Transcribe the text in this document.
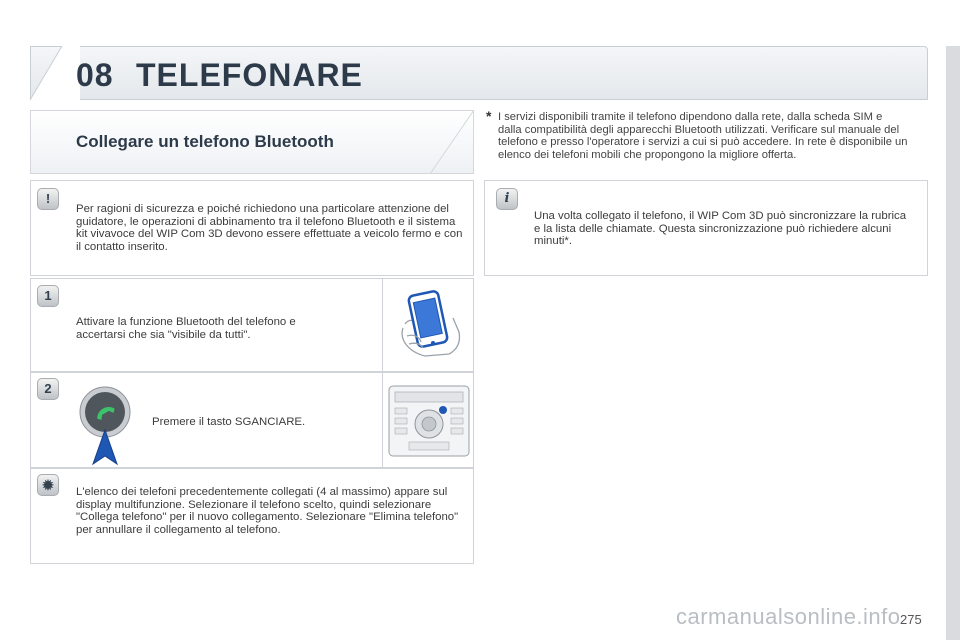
08 TELEFONARE
Collegare un telefono Bluetooth
* I servizi disponibili tramite il telefono dipendono dalla rete, dalla scheda SIM e dalla compatibilità degli apparecchi Bluetooth utilizzati. Verificare sul manuale del telefono e presso l'operatore i servizi a cui si può accedere. In rete è disponibile un elenco dei telefoni mobili che propongono la migliore offerta.
!
Per ragioni di sicurezza e poiché richiedono una particolare attenzione del guidatore, le operazioni di abbinamento tra il telefono Bluetooth e il sistema kit vivavoce del WIP Com 3D devono essere effettuate a veicolo fermo e con il contatto inserito.
i
Una volta collegato il telefono, il WIP Com 3D può sincronizzare la rubrica e la lista delle chiamate. Questa sincronizzazione può richiedere alcuni minuti*.
1
Attivare la funzione Bluetooth del telefono e accertarsi che sia "visibile da tutti".
2
Premere il tasto SGANCIARE.
✹	L'elenco dei telefoni precedentemente collegati (4 al massimo) appare sul display multifunzione. Selezionare il telefono scelto, quindi selezionare "Collega telefono" per il nuovo collegamento. Selezionare "Elimina telefono" per annullare il collegamento al telefono.
carmanualsonline.info 275
